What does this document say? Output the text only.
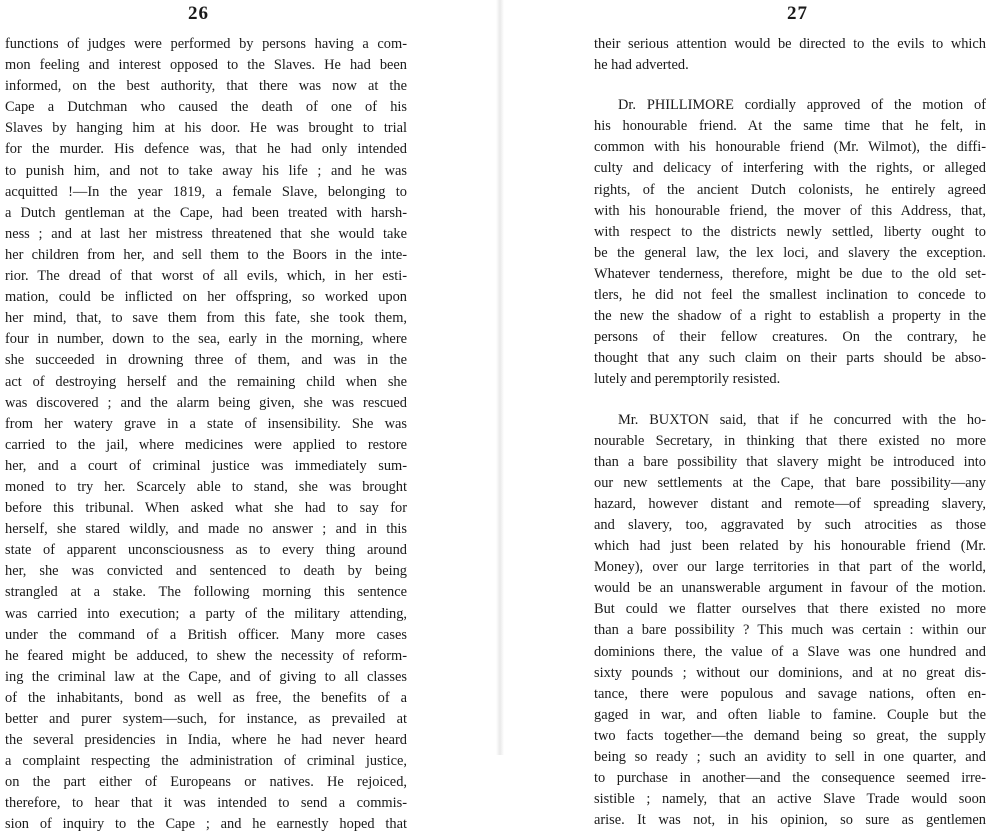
26
functions of judges were performed by persons having a com-
mon feeling and interest opposed to the Slaves. He had been
informed, on the best authority, that there was now at the
Cape a Dutchman who caused the death of one of his
Slaves by hanging him at his door. He was brought to trial
for the murder. His defence was, that he had only intended
to punish him, and not to take away his life ; and he was
acquitted !—In the year 1819, a female Slave, belonging to
a Dutch gentleman at the Cape, had been treated with harsh-
ness ; and at last her mistress threatened that she would take
her children from her, and sell them to the Boors in the inte-
rior. The dread of that worst of all evils, which, in her esti-
mation, could be inflicted on her offspring, so worked upon
her mind, that, to save them from this fate, she took them,
four in number, down to the sea, early in the morning, where
she succeeded in drowning three of them, and was in the
act of destroying herself and the remaining child when she
was discovered ; and the alarm being given, she was rescued
from her watery grave in a state of insensibility. She was
carried to the jail, where medicines were applied to restore
her, and a court of criminal justice was immediately sum-
moned to try her. Scarcely able to stand, she was brought
before this tribunal. When asked what she had to say for
herself, she stared wildly, and made no answer ; and in this
state of apparent unconsciousness as to every thing around
her, she was convicted and sentenced to death by being
strangled at a stake. The following morning this sentence
was carried into execution; a party of the military attending,
under the command of a British officer. Many more cases
he feared might be adduced, to shew the necessity of reform-
ing the criminal law at the Cape, and of giving to all classes
of the inhabitants, bond as well as free, the benefits of a
better and purer system—such, for instance, as prevailed at
the several presidencies in India, where he had never heard
a complaint respecting the administration of criminal justice,
on the part either of Europeans or natives. He rejoiced,
therefore, to hear that it was intended to send a commis-
sion of inquiry to the Cape ; and he earnestly hoped that
27
their serious attention would be directed to the evils to which
he had adverted.
Dr. PHILLIMORE cordially approved of the motion of
his honourable friend. At the same time that he felt, in
common with his honourable friend (Mr. Wilmot), the diffi-
culty and delicacy of interfering with the rights, or alleged
rights, of the ancient Dutch colonists, he entirely agreed
with his honourable friend, the mover of this Address, that,
with respect to the districts newly settled, liberty ought to
be the general law, the lex loci, and slavery the exception.
Whatever tenderness, therefore, might be due to the old set-
tlers, he did not feel the smallest inclination to concede to
the new the shadow of a right to establish a property in the
persons of their fellow creatures. On the contrary, he
thought that any such claim on their parts should be abso-
lutely and peremptorily resisted.
Mr. BUXTON said, that if he concurred with the ho-
nourable Secretary, in thinking that there existed no more
than a bare possibility that slavery might be introduced into
our new settlements at the Cape, that bare possibility—any
hazard, however distant and remote—of spreading slavery,
and slavery, too, aggravated by such atrocities as those
which had just been related by his honourable friend (Mr.
Money), over our large territories in that part of the world,
would be an unanswerable argument in favour of the motion.
But could we flatter ourselves that there existed no more
than a bare possibility ? This much was certain : within our
dominions there, the value of a Slave was one hundred and
sixty pounds ; without our dominions, and at no great dis-
tance, there were populous and savage nations, often en-
gaged in war, and often liable to famine. Couple but the
two facts together—the demand being so great, the supply
being so ready ; such an avidity to sell in one quarter, and
to purchase in another—and the consequence seemed irre-
sistible ; namely, that an active Slave Trade would soon
arise. It was not, in his opinion, so sure as gentlemen
